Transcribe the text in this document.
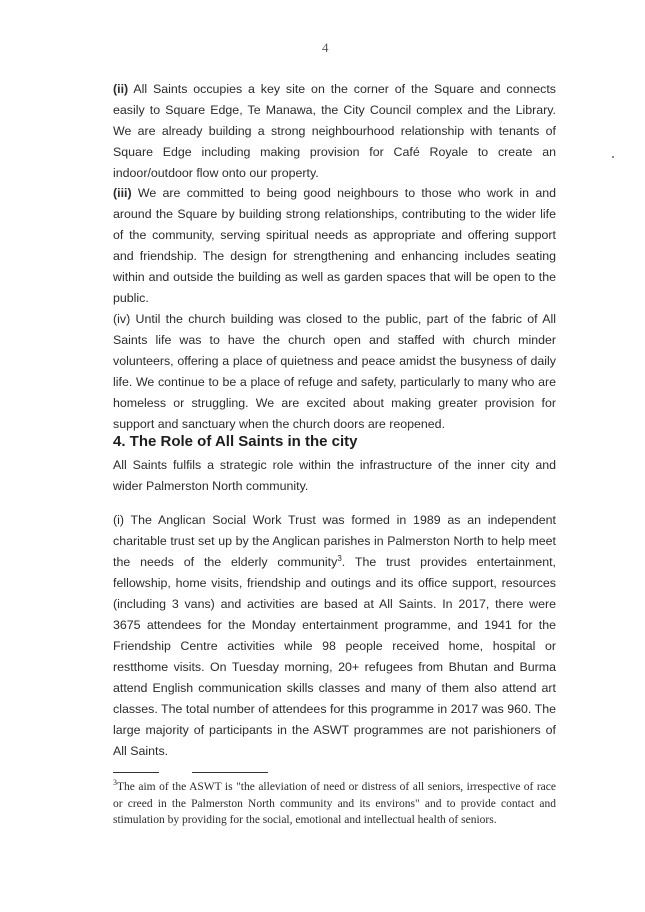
4

(ii) All Saints occupies a key site on the corner of the Square and connects easily to Square Edge, Te Manawa, the City Council complex and the Library. We are already building a strong neighbourhood relationship with tenants of Square Edge including making provision for Café Royale to create an indoor/outdoor flow onto our property.

(iii) We are committed to being good neighbours to those who work in and around the Square by building strong relationships, contributing to the wider life of the community, serving spiritual needs as appropriate and offering support and friendship. The design for strengthening and enhancing includes seating within and outside the building as well as garden spaces that will be open to the public.

(iv) Until the church building was closed to the public, part of the fabric of All Saints life was to have the church open and staffed with church minder volunteers, offering a place of quietness and peace amidst the busyness of daily life. We continue to be a place of refuge and safety, particularly to many who are homeless or struggling. We are excited about making greater provision for support and sanctuary when the church doors are reopened.

4. The Role of All Saints in the city

All Saints fulfils a strategic role within the infrastructure of the inner city and wider Palmerston North community.

(i) The Anglican Social Work Trust was formed in 1989 as an independent charitable trust set up by the Anglican parishes in Palmerston North to help meet the needs of the elderly community$^3$. The trust provides entertainment, fellowship, home visits, friendship and outings and its office support, resources (including 3 vans) and activities are based at All Saints. In 2017, there were 3675 attendees for the Monday entertainment programme, and 1941 for the Friendship Centre activities while 98 people received home, hospital or restthome visits. On Tuesday morning, 20+ refugees from Bhutan and Burma attend English communication skills classes and many of them also attend art classes. The total number of attendees for this programme in 2017 was 960. The large majority of participants in the ASWT programmes are not parishioners of All Saints.

$^3$The aim of the ASWT is "the alleviation of need or distress of all seniors, irrespective of race or creed in the Palmerston North community and its environs" and to provide contact and stimulation by providing for the social, emotional and intellectual health of seniors.
